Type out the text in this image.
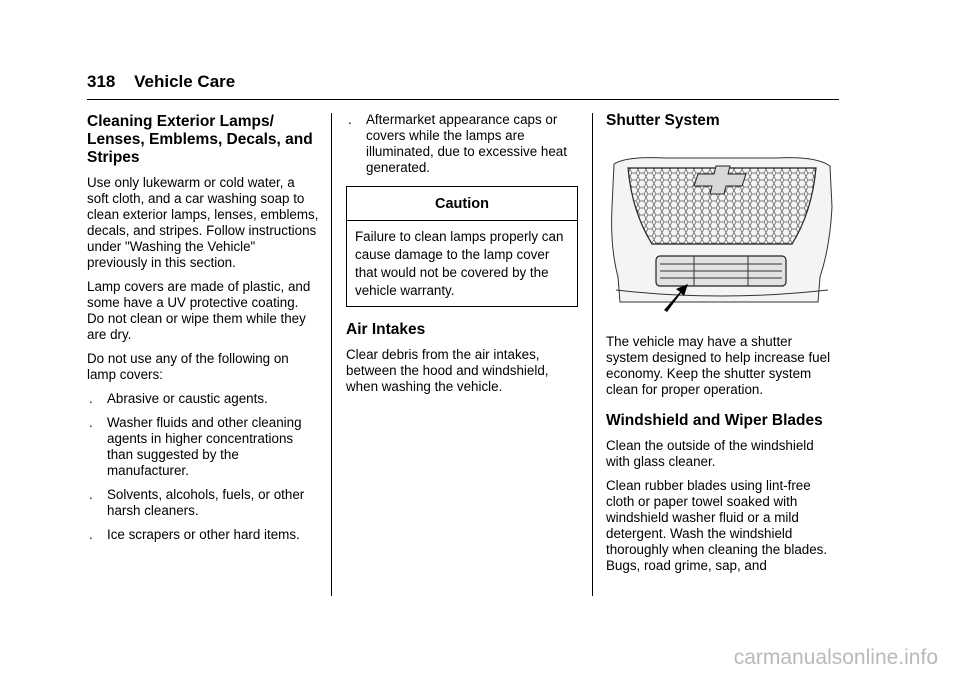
318 Vehicle Care
Cleaning Exterior Lamps/ Lenses, Emblems, Decals, and Stripes

Use only lukewarm or cold water, a soft cloth, and a car washing soap to clean exterior lamps, lenses, emblems, decals, and stripes. Follow instructions under "Washing the Vehicle" previously in this section.

Lamp covers are made of plastic, and some have a UV protective coating. Do not clean or wipe them while they are dry.

Do not use any of the following on lamp covers:

.	Abrasive or caustic agents.
.	Washer fluids and other cleaning agents in higher concentrations than suggested by the manufacturer.
.	Solvents, alcohols, fuels, or other harsh cleaners.
.	Ice scrapers or other hard items.
.	Aftermarket appearance caps or covers while the lamps are illuminated, due to excessive heat generated.
Caution
Failure to clean lamps properly can cause damage to the lamp cover that would not be covered by the vehicle warranty.
Air Intakes

Clear debris from the air intakes, between the hood and windshield, when washing the vehicle.

Shutter System

The vehicle may have a shutter system designed to help increase fuel economy. Keep the shutter system clean for proper operation.

Windshield and Wiper Blades

Clean the outside of the windshield with glass cleaner.

Clean rubber blades using lint-free cloth or paper towel soaked with windshield washer fluid or a mild detergent. Wash the windshield thoroughly when cleaning the blades. Bugs, road grime, sap, and

carmanualsonline.info
